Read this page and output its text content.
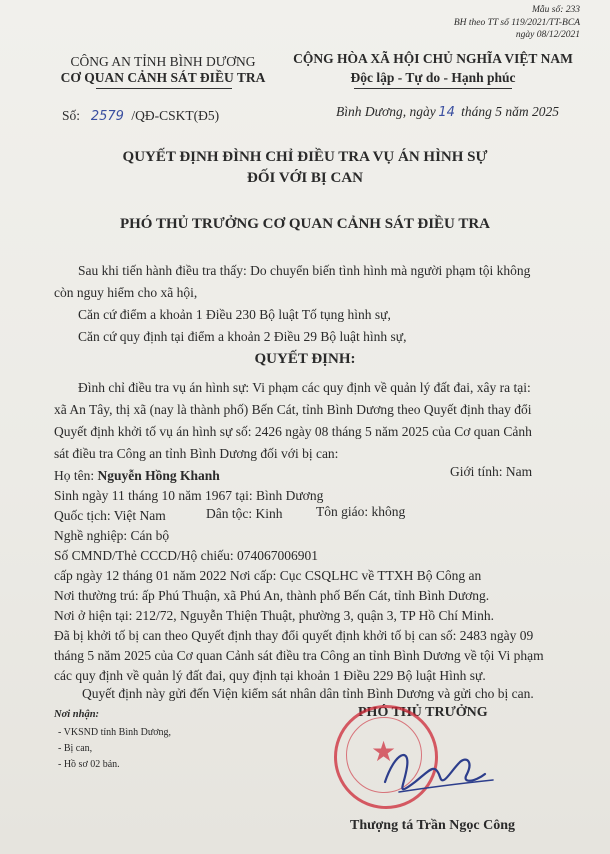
Mẫu số: 233
BH theo TT số 119/2021/TT-BCA
ngày 08/12/2021
CÔNG AN TỈNH BÌNH DƯƠNG
CƠ QUAN CẢNH SÁT ĐIỀU TRA
CỘNG HÒA XÃ HỘI CHỦ NGHĨA VIỆT NAM
Độc lập - Tự do - Hạnh phúc
Số: 2579 /QĐ-CSKT(Đ5)	Bình Dương, ngày 14 tháng 5 năm 2025
QUYẾT ĐỊNH ĐÌNH CHỈ ĐIỀU TRA VỤ ÁN HÌNH SỰ
ĐỐI VỚI BỊ CAN
PHÓ THỦ TRƯỞNG CƠ QUAN CẢNH SÁT ĐIỀU TRA
Sau khi tiến hành điều tra thấy: Do chuyển biến tình hình mà người phạm tội không
còn nguy hiểm cho xã hội,
Căn cứ điểm a khoản 1 Điều 230 Bộ luật Tố tụng hình sự,
Căn cứ quy định tại điểm a khoản 2 Điều 29 Bộ luật hình sự,
QUYẾT ĐỊNH:
Đình chỉ điều tra vụ án hình sự: Vi phạm các quy định về quản lý đất đai, xây ra tại:
xã An Tây, thị xã (nay là thành phố) Bến Cát, tỉnh Bình Dương theo Quyết định thay đổi
Quyết định khởi tố vụ án hình sự số: 2426 ngày 08 tháng 5 năm 2025 của Cơ quan Cảnh
sát điều tra Công an tỉnh Bình Dương đối với bị can:
Họ tên: Nguyễn Hồng Khanh	Giới tính: Nam
Sinh ngày 11 tháng 10 năm 1967 tại: Bình Dương
Quốc tịch: Việt Nam	Dân tộc: Kinh Tôn giáo: không
Nghề nghiệp: Cán bộ
Số CMND/Thẻ CCCD/Hộ chiếu: 074067006901
cấp ngày 12 tháng 01 năm 2022 Nơi cấp: Cục CSQLHC về TTXH Bộ Công an
Nơi thường trú: ấp Phú Thuận, xã Phú An, thành phố Bến Cát, tỉnh Bình Dương.
Nơi ở hiện tại: 212/72, Nguyễn Thiện Thuật, phường 3, quận 3, TP Hồ Chí Minh.
Đã bị khởi tố bị can theo Quyết định thay đổi quyết định khởi tố bị can số: 2483 ngày 09
tháng 5 năm 2025 của Cơ quan Cảnh sát điều tra Công an tỉnh Bình Dương về tội Vi phạm
các quy định về quản lý đất đai, quy định tại khoản 1 Điều 229 Bộ luật Hình sự.
Quyết định này gửi đến Viện kiểm sát nhân dân tỉnh Bình Dương và gửi cho bị can.
Nơi nhận:
- VKSND tỉnh Bình Dương,
- Bị can,
- Hồ sơ 02 bản.
PHÓ THỦ TRƯỞNG
★
Thượng tá Trần Ngọc Công
